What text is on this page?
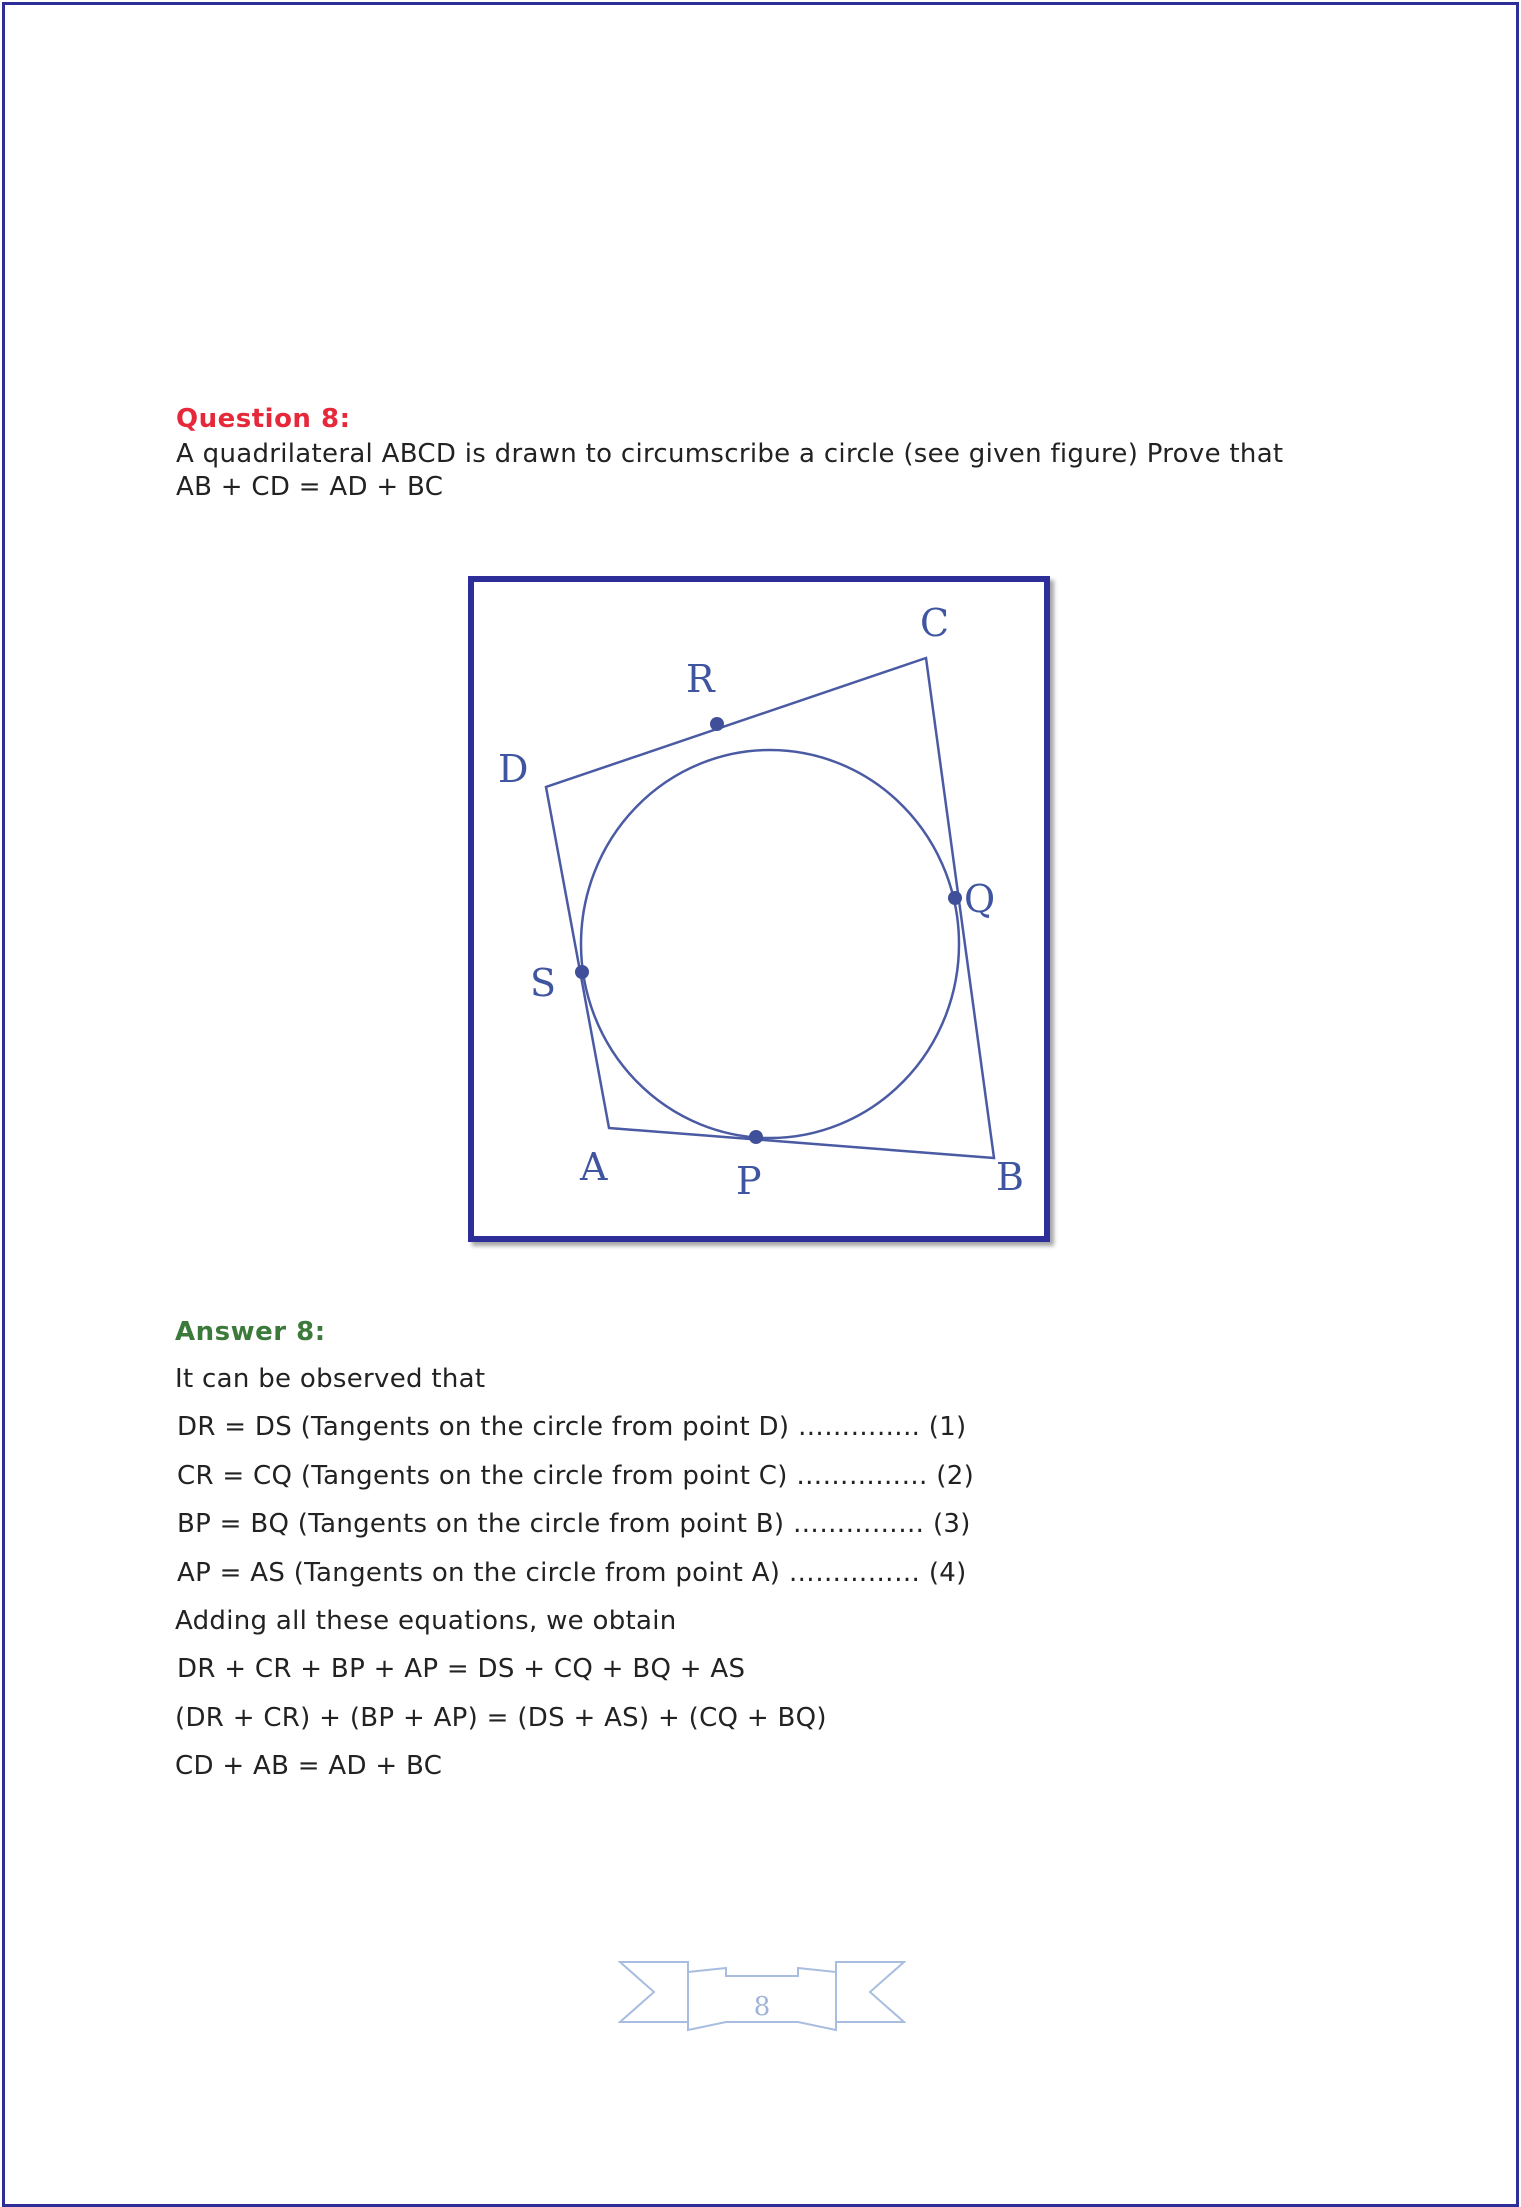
Question 8:
A quadrilateral ABCD is drawn to circumscribe a circle (see given figure) Prove that
AB + CD = AD + BC
C
R
D
Q
S
A	P	B
Answer 8:
It can be observed that
DR = DS (Tangents on the circle from point D) ………….. (1)
CR = CQ (Tangents on the circle from point C) …………… (2)
BP = BQ (Tangents on the circle from point B) …………… (3)
AP = AS (Tangents on the circle from point A) …………… (4)
Adding all these equations, we obtain
DR + CR + BP + AP = DS + CQ + BQ + AS
(DR + CR) + (BP + AP) = (DS + AS) + (CQ + BQ)
CD + AB = AD + BC
8
